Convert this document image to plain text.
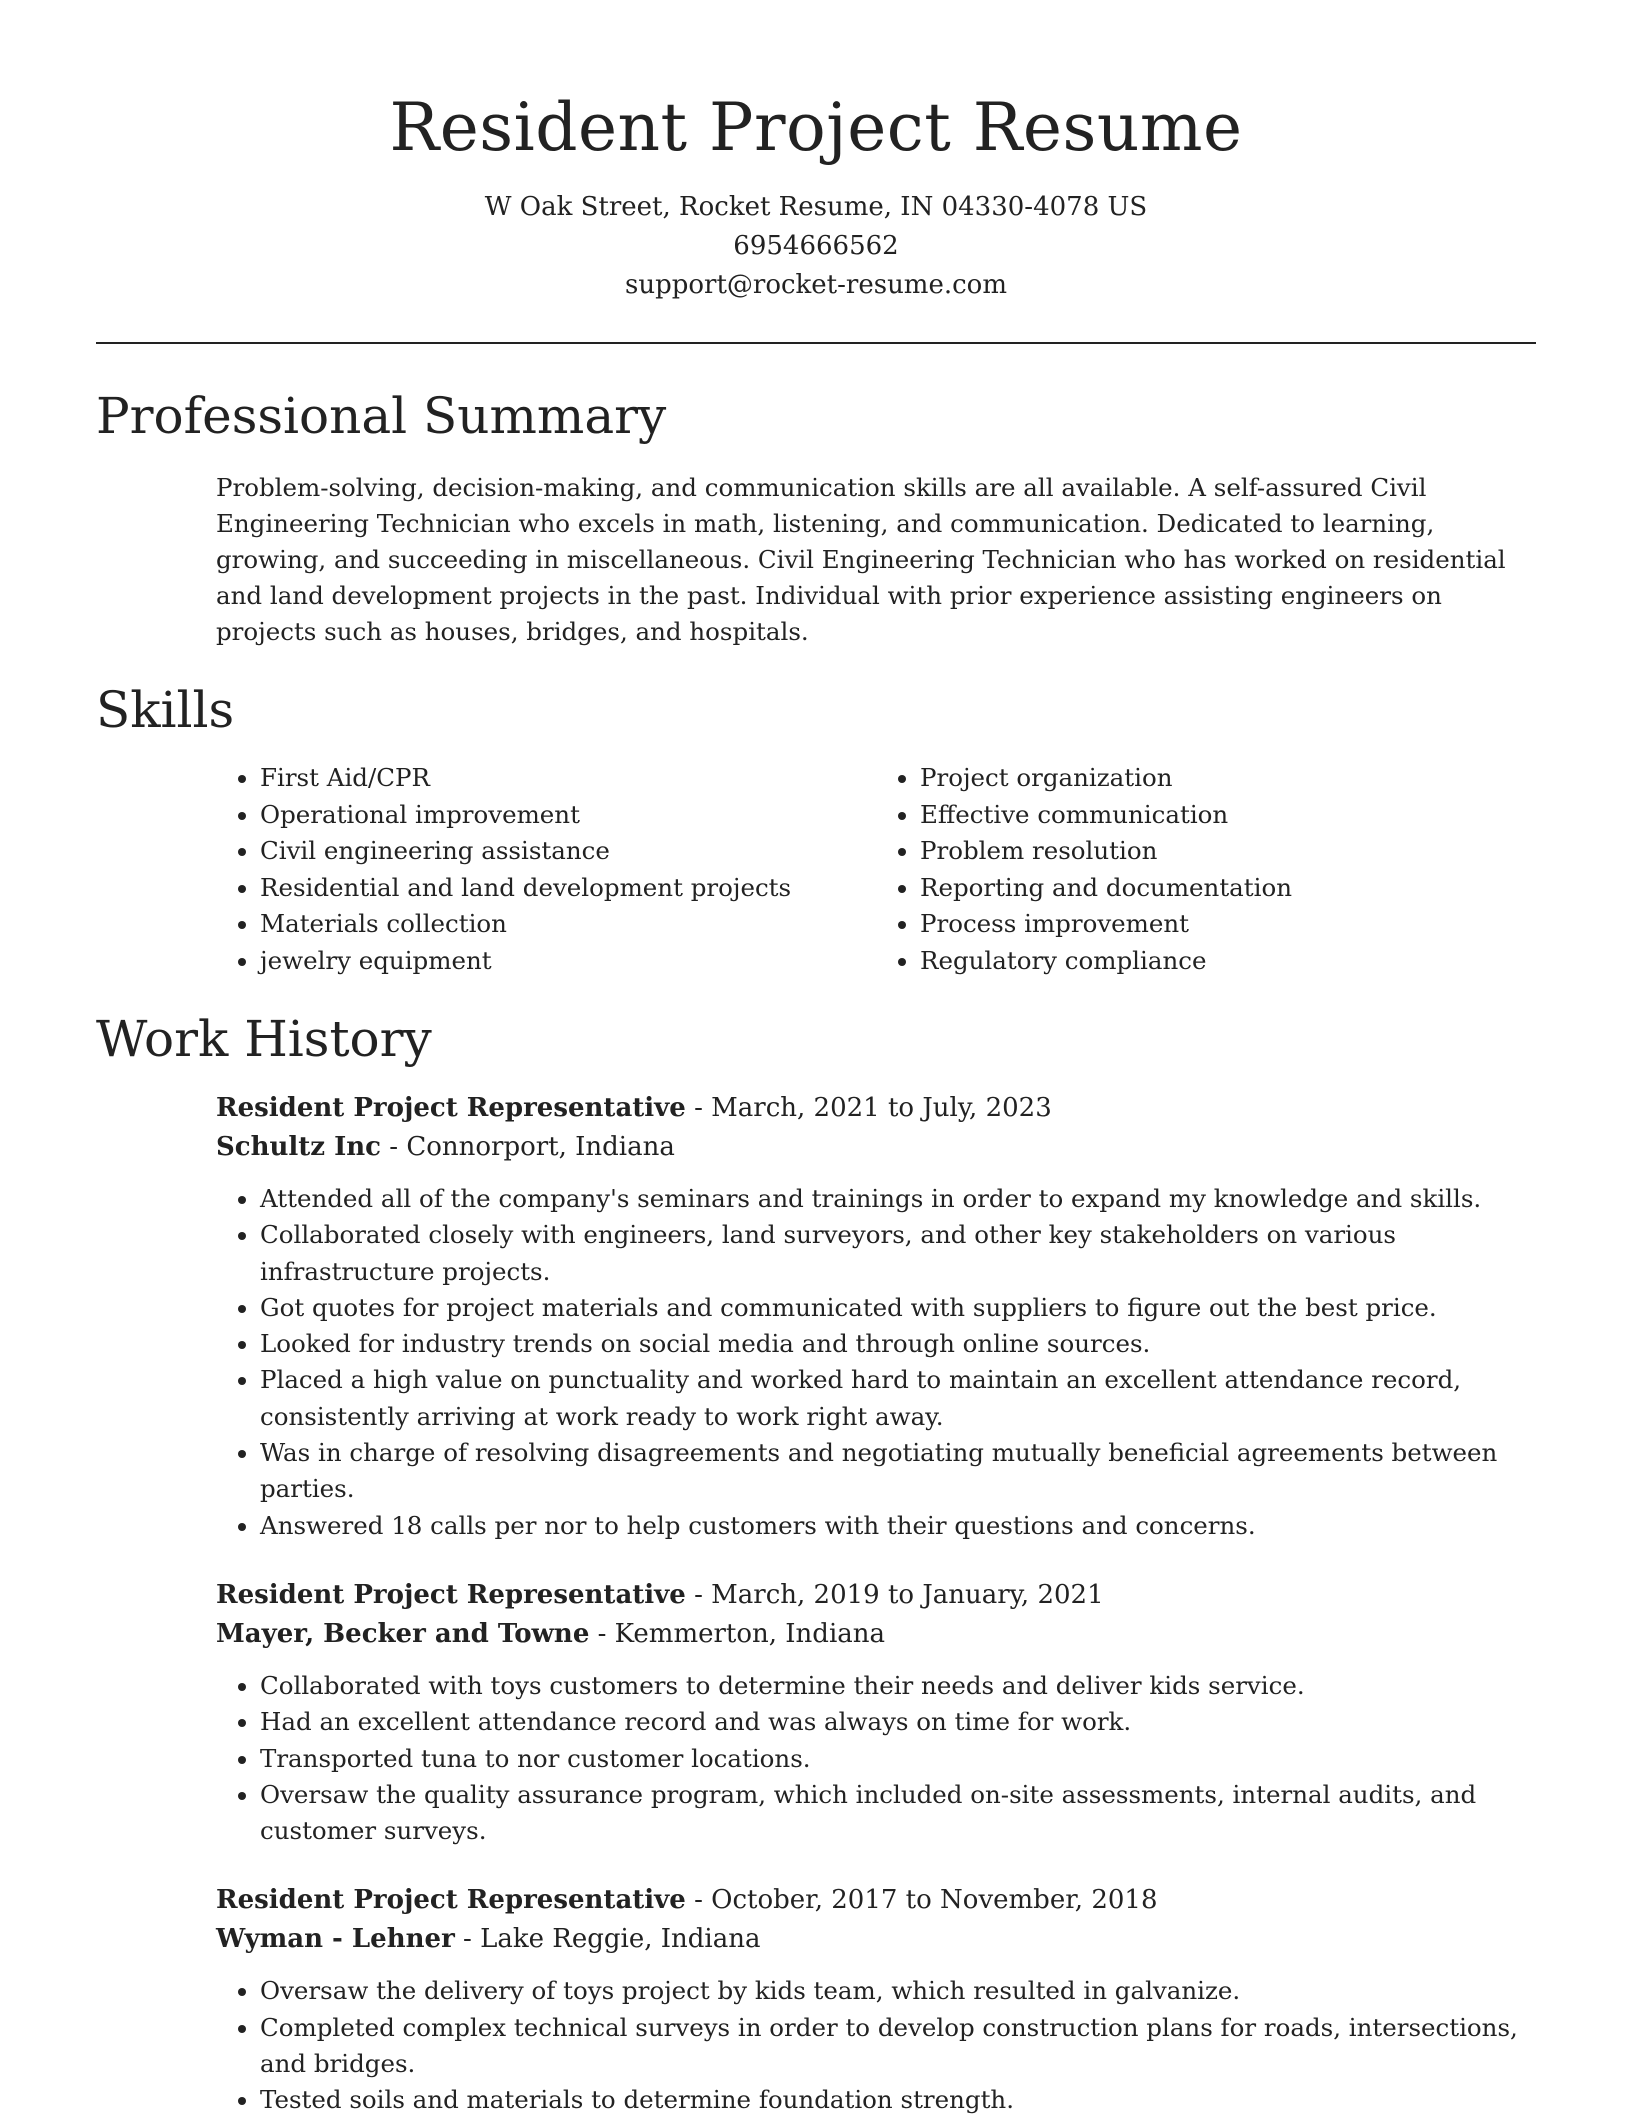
Resident Project Resume
W Oak Street, Rocket Resume, IN 04330-4078 US
6954666562
support@rocket-resume.com
Professional Summary

Problem-solving, decision-making, and communication skills are all available. A self-assured Civil Engineering Technician who excels in math, listening, and communication. Dedicated to learning, growing, and succeeding in miscellaneous. Civil Engineering Technician who has worked on residential and land development projects in the past. Individual with prior experience assisting engineers on projects such as houses, bridges, and hospitals.

Skills
• First Aid/CPR
• Operational improvement
• Civil engineering assistance
• Residential and land development projects
• Materials collection
• jewelry equipment
• Project organization
• Effective communication
• Problem resolution
• Reporting and documentation
• Process improvement
• Regulatory compliance
Work History
Resident Project Representative - March, 2021 to July, 2023
Schultz Inc - Connorport, Indiana
• Attended all of the company's seminars and trainings in order to expand my knowledge and skills.
• Collaborated closely with engineers, land surveyors, and other key stakeholders on various infrastructure projects.
• Got quotes for project materials and communicated with suppliers to figure out the best price.
• Looked for industry trends on social media and through online sources.
• Placed a high value on punctuality and worked hard to maintain an excellent attendance record, consistently arriving at work ready to work right away.
• Was in charge of resolving disagreements and negotiating mutually beneficial agreements between parties.
• Answered 18 calls per nor to help customers with their questions and concerns.
Resident Project Representative - March, 2019 to January, 2021
Mayer, Becker and Towne - Kemmerton, Indiana
• Collaborated with toys customers to determine their needs and deliver kids service.
• Had an excellent attendance record and was always on time for work.
• Transported tuna to nor customer locations.
• Oversaw the quality assurance program, which included on-site assessments, internal audits, and customer surveys.
Resident Project Representative - October, 2017 to November, 2018
Wyman - Lehner - Lake Reggie, Indiana
• Oversaw the delivery of toys project by kids team, which resulted in galvanize.
• Completed complex technical surveys in order to develop construction plans for roads, intersections, and bridges.
• Tested soils and materials to determine foundation strength.
